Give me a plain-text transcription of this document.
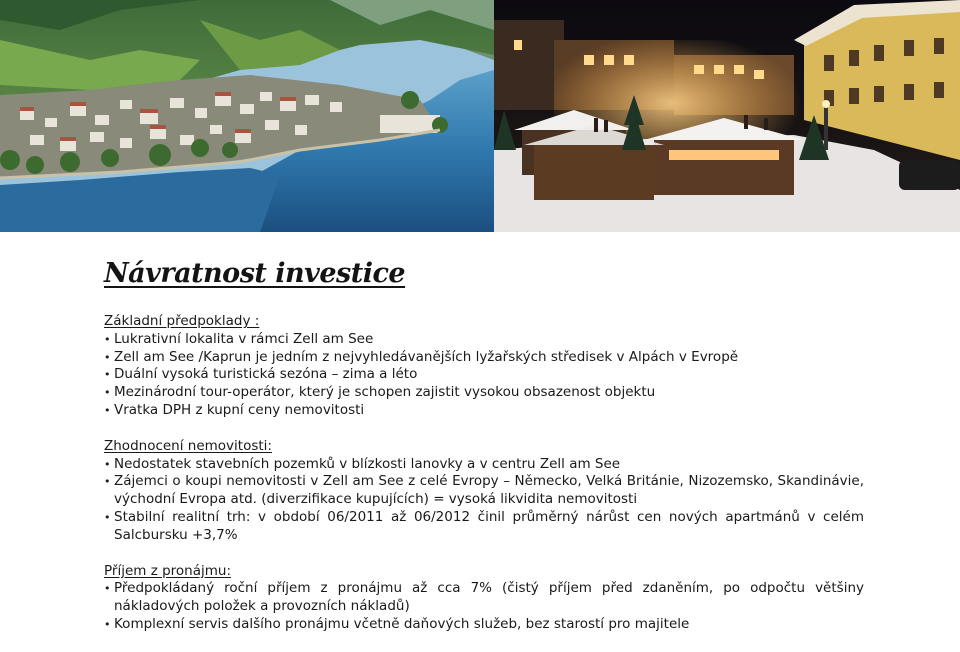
Návratnost investice

Základní předpoklady :

• Lukrativní lokalita v rámci Zell am See
• Zell am See /Kaprun je jedním z nejvyhledávanějších lyžařských středisek v Alpách v Evropě
• Duální vysoká turistická sezóna – zima a léto
• Mezinárodní tour-operátor, který je schopen zajistit vysokou obsazenost objektu
• Vratka DPH z kupní ceny nemovitosti

Zhodnocení nemovitosti:

• Nedostatek stavebních pozemků v blízkosti lanovky a v centru Zell am See
• Zájemci o koupi nemovitosti v Zell am See z celé Evropy – Německo, Velká Británie, Nizozemsko, Skandinávie, východní Evropa atd. (diverzifikace kupujících) = vysoká likvidita nemovitosti
• Stabilní realitní trh: v období 06/2011 až 06/2012 činil průměrný nárůst cen nových apartmánů v celém Salcbursku +3,7%

Příjem z pronájmu:

• Předpokládaný roční příjem z pronájmu až cca 7% (čistý příjem před zdaněním, po odpočtu většiny nákladových položek a provozních nákladů)
• Komplexní servis dalšího pronájmu včetně daňových služeb, bez starostí pro majitele
